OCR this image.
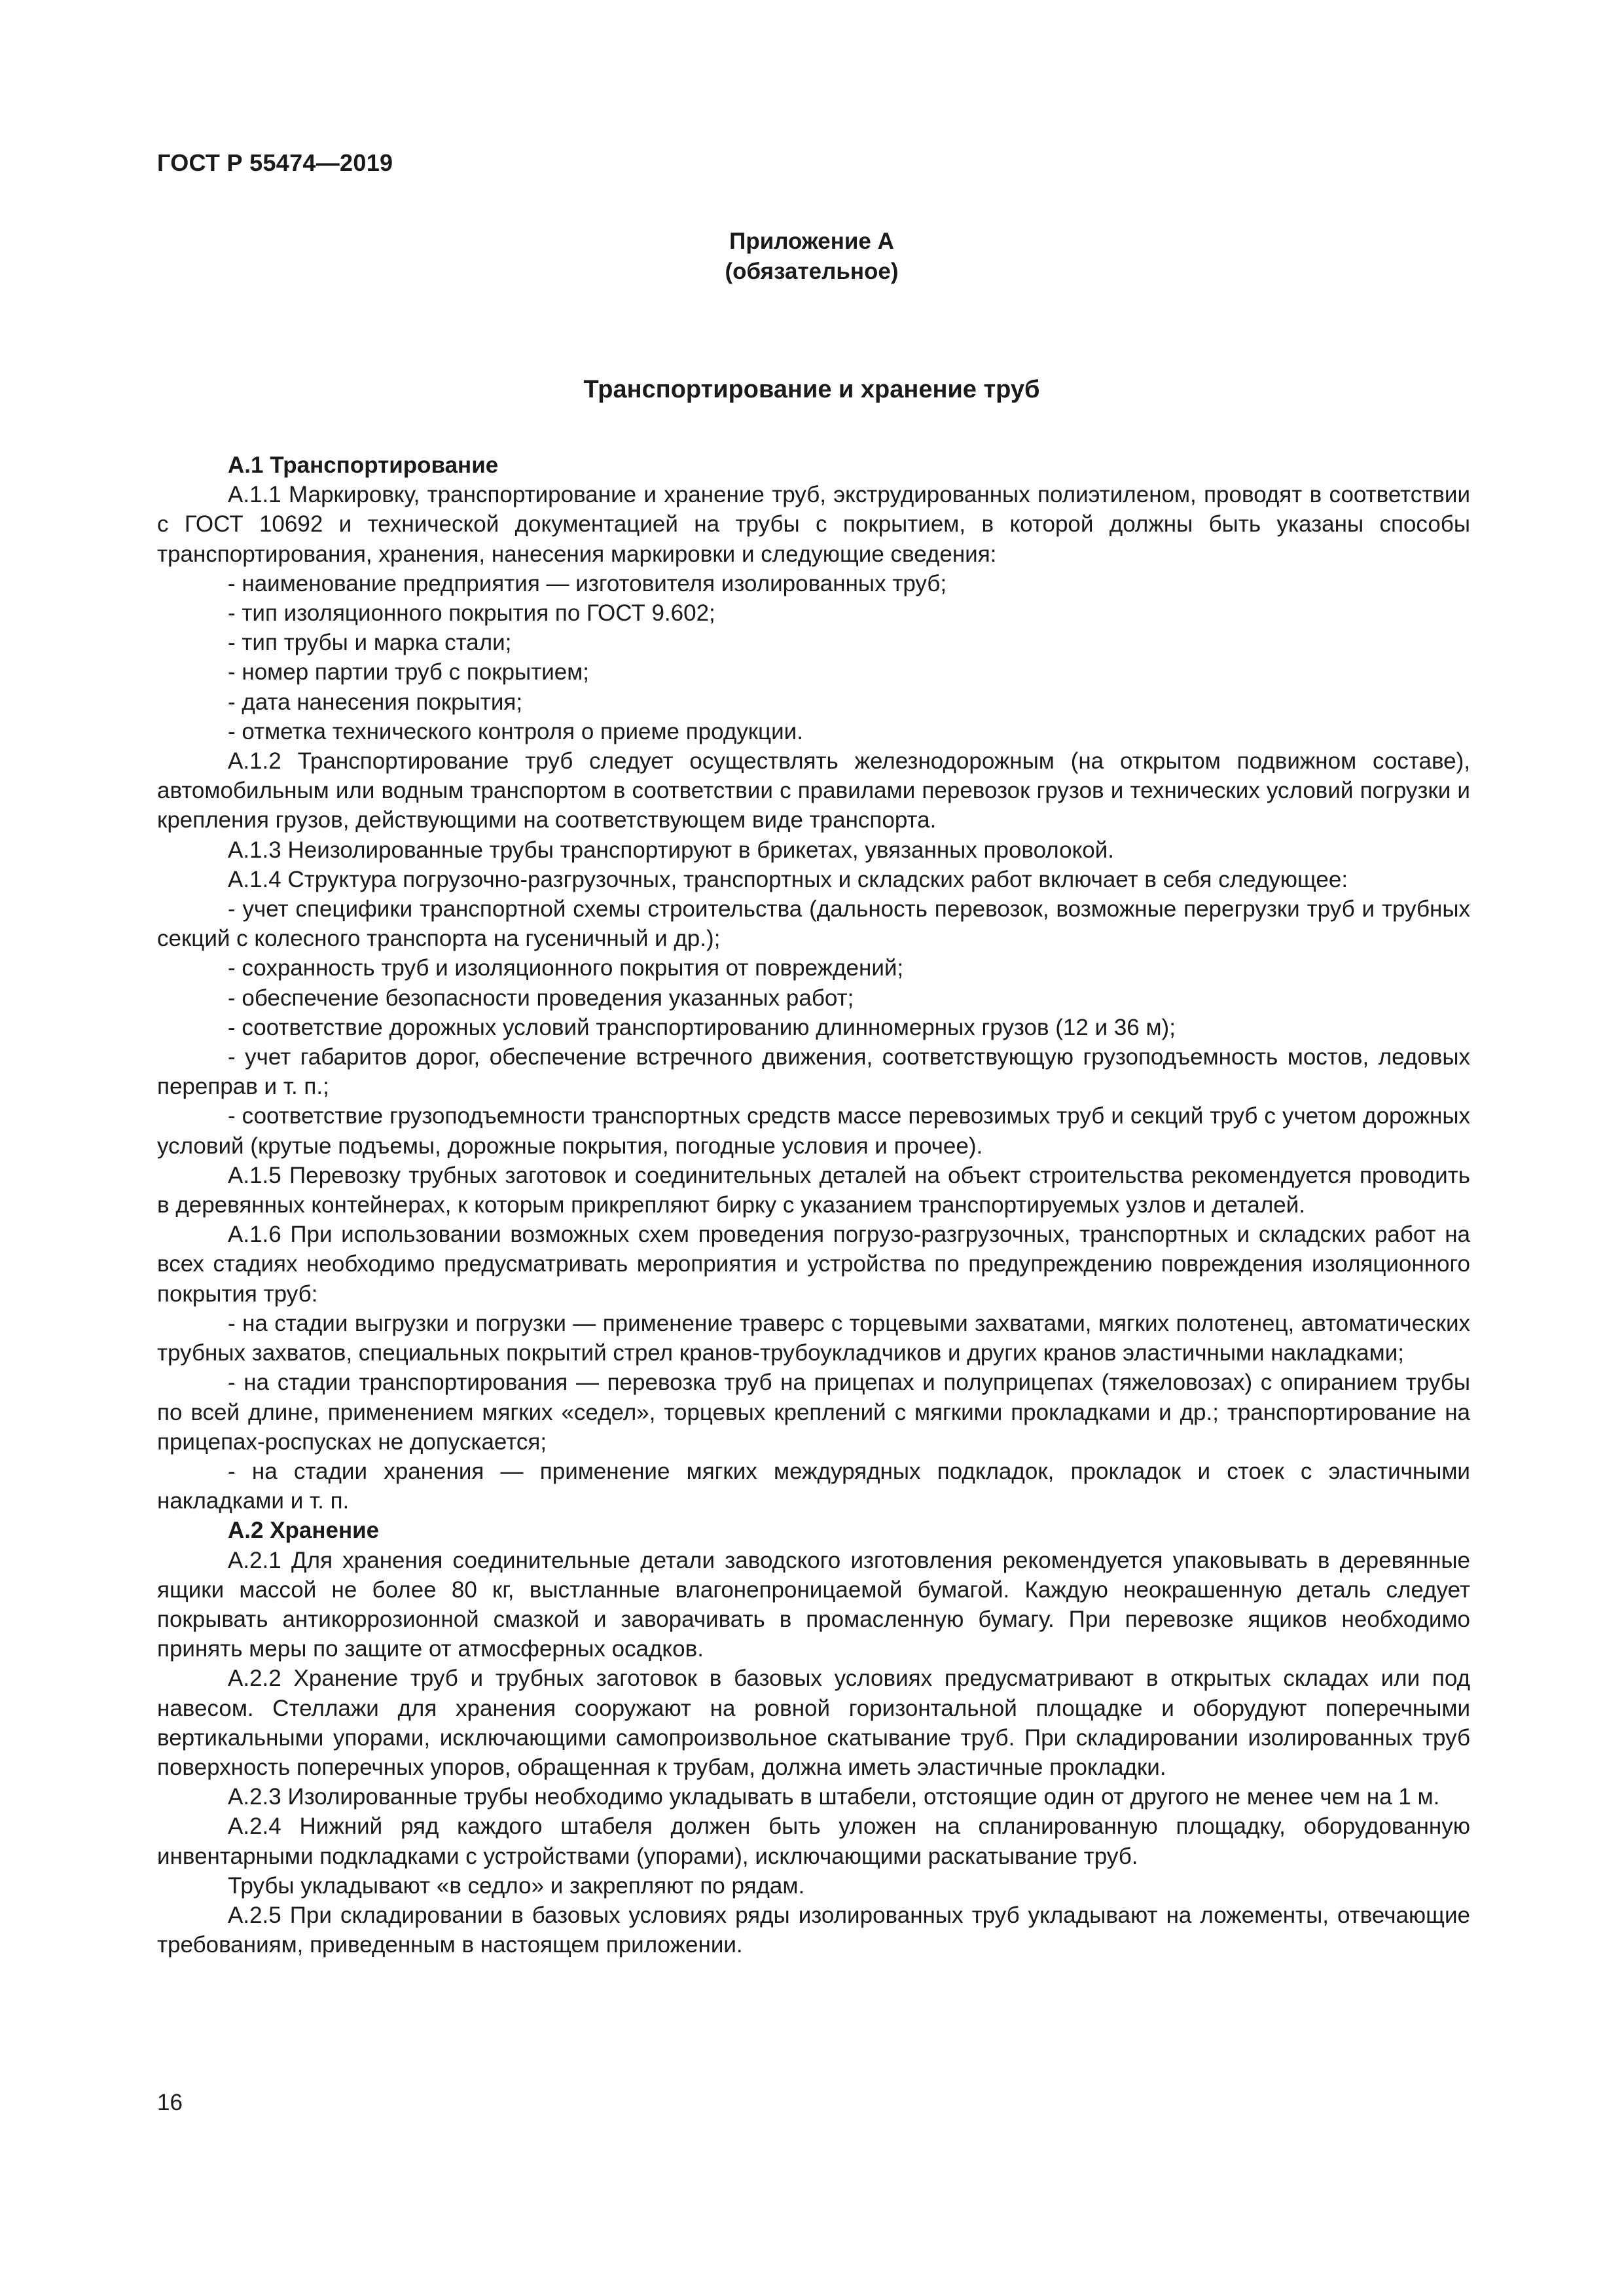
ГОСТ Р 55474—2019
Приложение А
(обязательное)
Транспортирование и хранение труб

А.1 Транспортирование

А.1.1 Маркировку, транспортирование и хранение труб, экструдированных полиэтиленом, проводят в соответствии с ГОСТ 10692 и технической документацией на трубы с покрытием, в которой должны быть указаны способы транспортирования, хранения, нанесения маркировки и следующие сведения:

- наименование предприятия — изготовителя изолированных труб;
- тип изоляционного покрытия по ГОСТ 9.602;
- тип трубы и марка стали;
- номер партии труб с покрытием;
- дата нанесения покрытия;
- отметка технического контроля о приеме продукции.

А.1.2 Транспортирование труб следует осуществлять железнодорожным (на открытом подвижном составе), автомобильным или водным транспортом в соответствии с правилами перевозок грузов и технических условий погрузки и крепления грузов, действующими на соответствующем виде транспорта.

А.1.3 Неизолированные трубы транспортируют в брикетах, увязанных проволокой.

А.1.4 Структура погрузочно-разгрузочных, транспортных и складских работ включает в себя следующее:

- учет специфики транспортной схемы строительства (дальность перевозок, возможные перегрузки труб и трубных секций с колесного транспорта на гусеничный и др.);
- сохранность труб и изоляционного покрытия от повреждений;
- обеспечение безопасности проведения указанных работ;
- соответствие дорожных условий транспортированию длинномерных грузов (12 и 36 м);
- учет габаритов дорог, обеспечение встречного движения, соответствующую грузоподъемность мостов, ледовых переправ и т. п.;
- соответствие грузоподъемности транспортных средств массе перевозимых труб и секций труб с учетом дорожных условий (крутые подъемы, дорожные покрытия, погодные условия и прочее).

А.1.5 Перевозку трубных заготовок и соединительных деталей на объект строительства рекомендуется проводить в деревянных контейнерах, к которым прикрепляют бирку с указанием транспортируемых узлов и деталей.

А.1.6 При использовании возможных схем проведения погрузо-разгрузочных, транспортных и складских работ на всех стадиях необходимо предусматривать мероприятия и устройства по предупреждению повреждения изоляционного покрытия труб:

- на стадии выгрузки и погрузки — применение траверс с торцевыми захватами, мягких полотенец, автоматических трубных захватов, специальных покрытий стрел кранов-трубоукладчиков и других кранов эластичными накладками;
- на стадии транспортирования — перевозка труб на прицепах и полуприцепах (тяжеловозах) с опиранием трубы по всей длине, применением мягких «седел», торцевых креплений с мягкими прокладками и др.; транспортирование на прицепах-роспусках не допускается;
- на стадии хранения — применение мягких междурядных подкладок, прокладок и стоек с эластичными накладками и т. п.

А.2 Хранение

А.2.1 Для хранения соединительные детали заводского изготовления рекомендуется упаковывать в деревянные ящики массой не более 80 кг, выстланные влагонепроницаемой бумагой. Каждую неокрашенную деталь следует покрывать антикоррозионной смазкой и заворачивать в промасленную бумагу. При перевозке ящиков необходимо принять меры по защите от атмосферных осадков.

А.2.2 Хранение труб и трубных заготовок в базовых условиях предусматривают в открытых складах или под навесом. Стеллажи для хранения сооружают на ровной горизонтальной площадке и оборудуют поперечными вертикальными упорами, исключающими самопроизвольное скатывание труб. При складировании изолированных труб поверхность поперечных упоров, обращенная к трубам, должна иметь эластичные прокладки.

А.2.3 Изолированные трубы необходимо укладывать в штабели, отстоящие один от другого не менее чем на 1 м.

А.2.4 Нижний ряд каждого штабеля должен быть уложен на спланированную площадку, оборудованную инвентарными подкладками с устройствами (упорами), исключающими раскатывание труб.

Трубы укладывают «в седло» и закрепляют по рядам.

А.2.5 При складировании в базовых условиях ряды изолированных труб укладывают на ложементы, отвечающие требованиям, приведенным в настоящем приложении.

16
